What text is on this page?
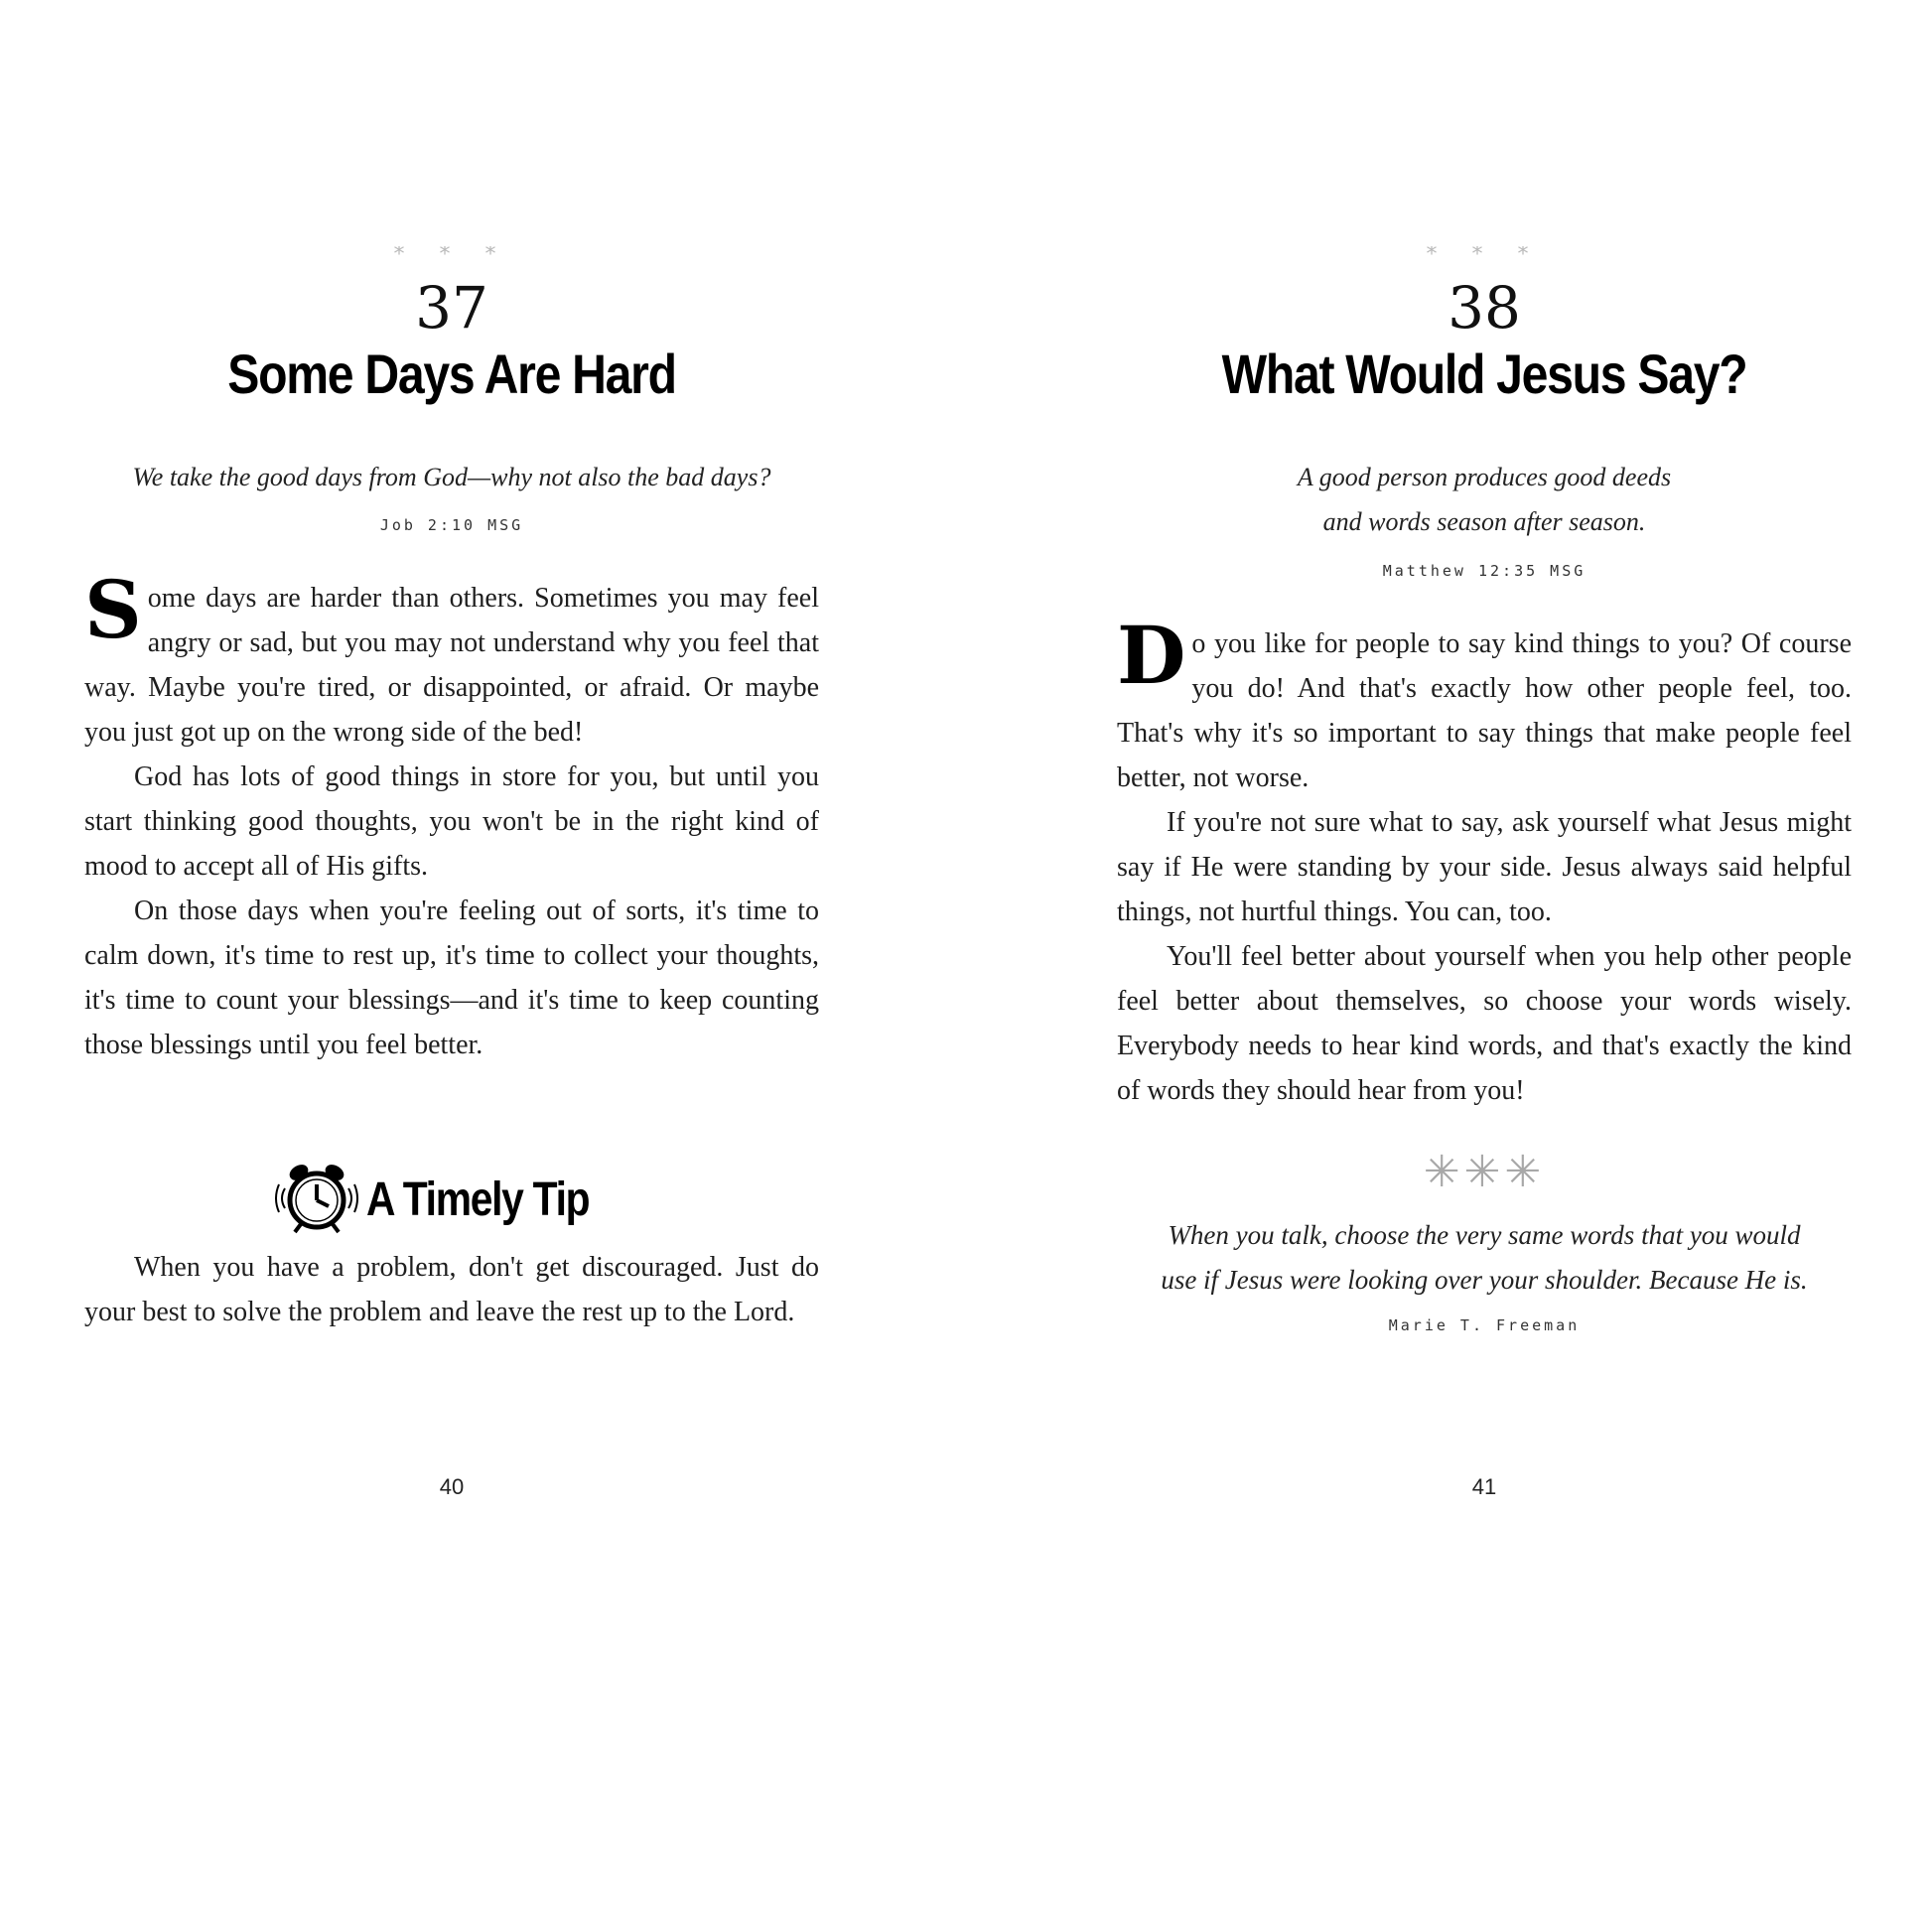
* * *
37
Some Days Are Hard
We take the good days from God—why not also the bad days?
Job 2:10 MSG

Some days are harder than others. Sometimes you may feel angry or sad, but you may not understand why you feel that way. Maybe you're tired, or disappointed, or afraid. Or maybe you just got up on the wrong side of the bed!

God has lots of good things in store for you, but until you start thinking good thoughts, you won't be in the right kind of mood to accept all of His gifts.

On those days when you're feeling out of sorts, it's time to calm down, it's time to rest up, it's time to collect your thoughts, it's time to count your blessings—and it's time to keep counting those blessings until you feel better.

A Timely Tip

When you have a problem, don't get discouraged. Just do your best to solve the problem and leave the rest up to the Lord.

40
* * *
38
What Would Jesus Say?
A good person produces good deeds
and words season after season.
Matthew 12:35 MSG

Do you like for people to say kind things to you? Of course you do! And that's exactly how other people feel, too. That's why it's so important to say things that make people feel better, not worse.

If you're not sure what to say, ask yourself what Jesus might say if He were standing by your side. Jesus always said helpful things, not hurtful things. You can, too.

You'll feel better about yourself when you help other people feel better about themselves, so choose your words wisely. Everybody needs to hear kind words, and that's exactly the kind of words they should hear from you!

✳✳✳
When you talk, choose the very same words that you would
use if Jesus were looking over your shoulder. Because He is.
Marie T. Freeman
41
